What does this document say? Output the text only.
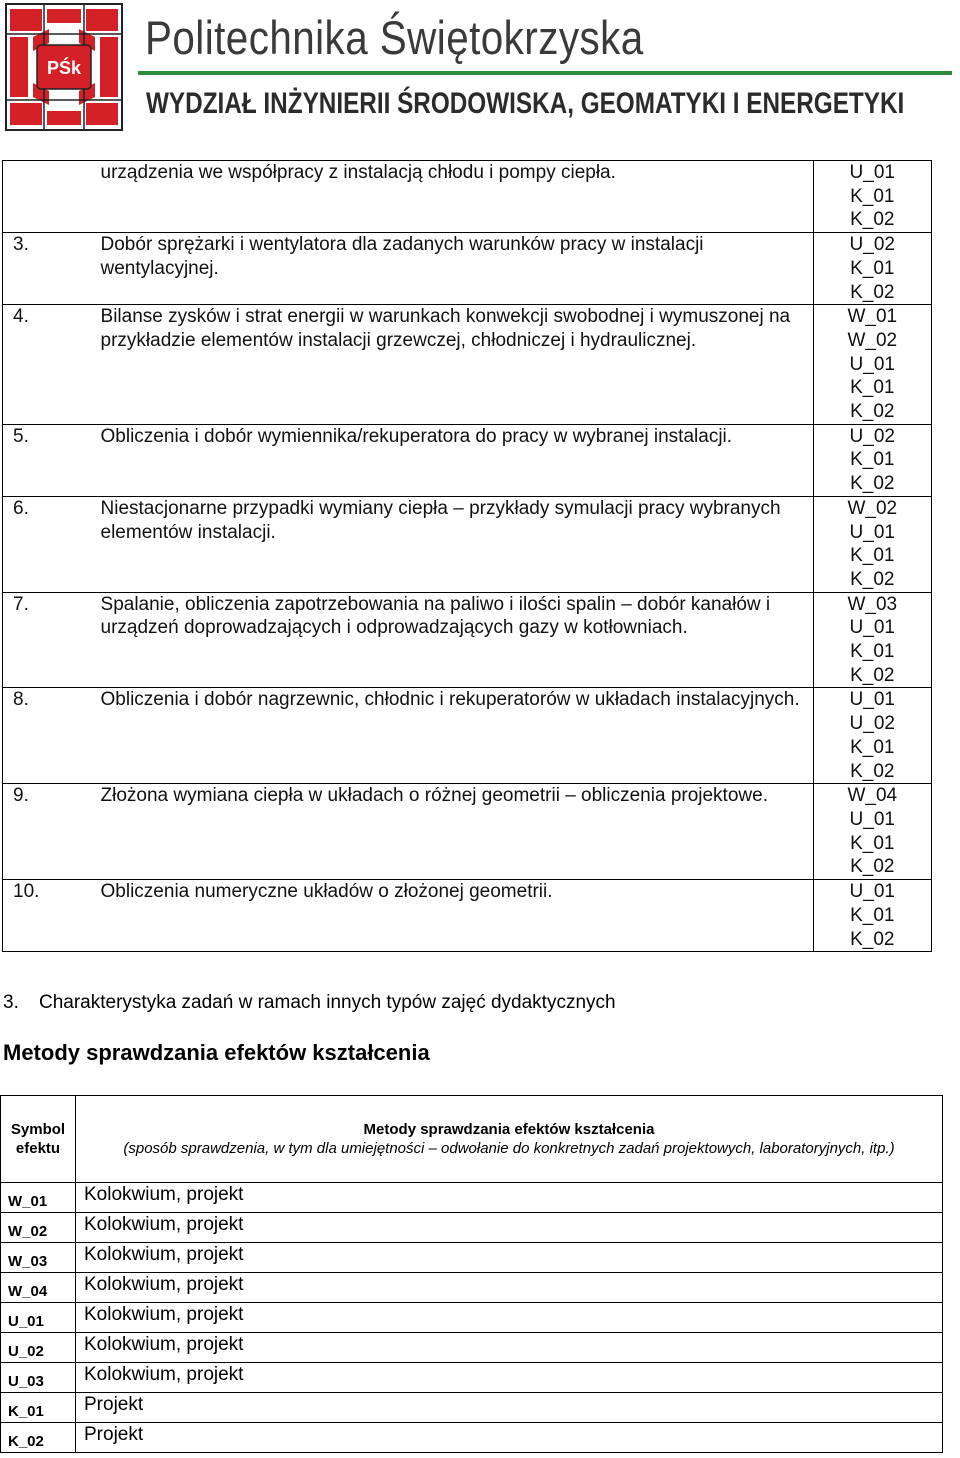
PŚk
Politechnika Świętokrzyska
WYDZIAŁ INŻYNIERII ŚRODOWISKA, GEOMATYKI I ENERGETYKI
	urządzenia we współpracy z instalacją chłodu i pompy ciepła.	U_01
K_01
K_02

3.	Dobór sprężarki i wentylatora dla zadanych warunków pracy w instalacji wentylacyjnej.	U_02
K_01
K_02

4.	Bilanse zysków i strat energii w warunkach konwekcji swobodnej i wymuszonej na przykładzie elementów instalacji grzewczej, chłodniczej i hydraulicznej.	W_01
W_02
U_01
K_01
K_02

5.	Obliczenia i dobór wymiennika/rekuperatora do pracy w wybranej instalacji.	U_02
K_01
K_02

6.	Niestacjonarne przypadki wymiany ciepła – przykłady symulacji pracy wybranych elementów instalacji.	W_02
U_01
K_01
K_02

7.	Spalanie, obliczenia zapotrzebowania na paliwo i ilości spalin – dobór kanałów i urządzeń doprowadzających i odprowadzających gazy w kotłowniach.	W_03
U_01
K_01
K_02

8.	Obliczenia i dobór nagrzewnic, chłodnic i rekuperatorów w układach instalacyjnych.	U_01
U_02
K_01
K_02

9.	Złożona wymiana ciepła w układach o różnej geometrii – obliczenia projektowe.	W_04
U_01
K_01
K_02

10.	Obliczenia numeryczne układów o złożonej geometrii.	U_01
K_01
K_02
3. Charakterystyka zadań w ramach innych typów zajęć dydaktycznych
Metody sprawdzania efektów kształcenia
Symbol efektu	Metody sprawdzania efektów kształcenia
(sposób sprawdzenia, w tym dla umiejętności – odwołanie do konkretnych zadań projektowych, laboratoryjnych, itp.)

W_01	Kolokwium, projekt
W_02	Kolokwium, projekt
W_03	Kolokwium, projekt
W_04	Kolokwium, projekt
U_01	Kolokwium, projekt
U_02	Kolokwium, projekt
U_03	Kolokwium, projekt
K_01	Projekt
K_02	Projekt
